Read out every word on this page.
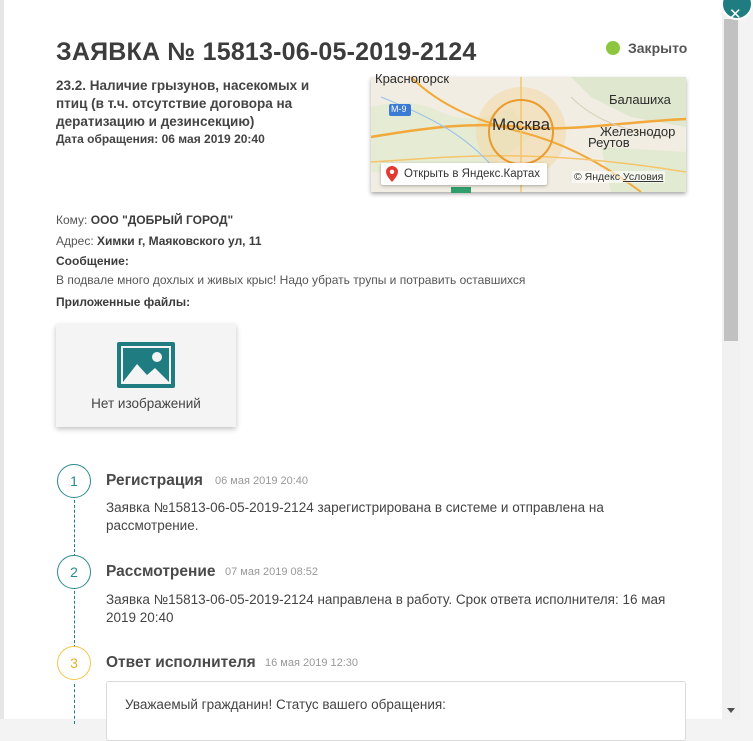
ЗАЯВКА № 15813-06-05-2019-2124	Закрыто
23.2. Наличие грызунов, насекомых и птиц (в т.ч. отсутствие договора на дератизацию и дезинсекцию)
Дата обращения: 06 мая 2019 20:40
Красногорск
М-9
Москва
Балашиха
Железнодор
Реутов
Открыть в Яндекс.Картах	© Яндекс Условия
Кому: ООО "ДОБРЫЙ ГОРОД"
Адрес: Химки г, Маяковского ул, 11
Сообщение:
В подвале много дохлых и живых крыс! Надо убрать трупы и потравить оставшихся
Приложенные файлы:
Нет изображений
1	Регистрация 06 мая 2019 20:40
Заявка №15813-06-05-2019-2124 зарегистрирована в системе и отправлена на рассмотрение.
2	Рассмотрение 07 мая 2019 08:52
Заявка №15813-06-05-2019-2124 направлена в работу. Срок ответа исполнителя: 16 мая 2019 20:40
3	Ответ исполнителя 16 мая 2019 12:30
Уважаемый гражданин! Статус вашего обращения:
✕
